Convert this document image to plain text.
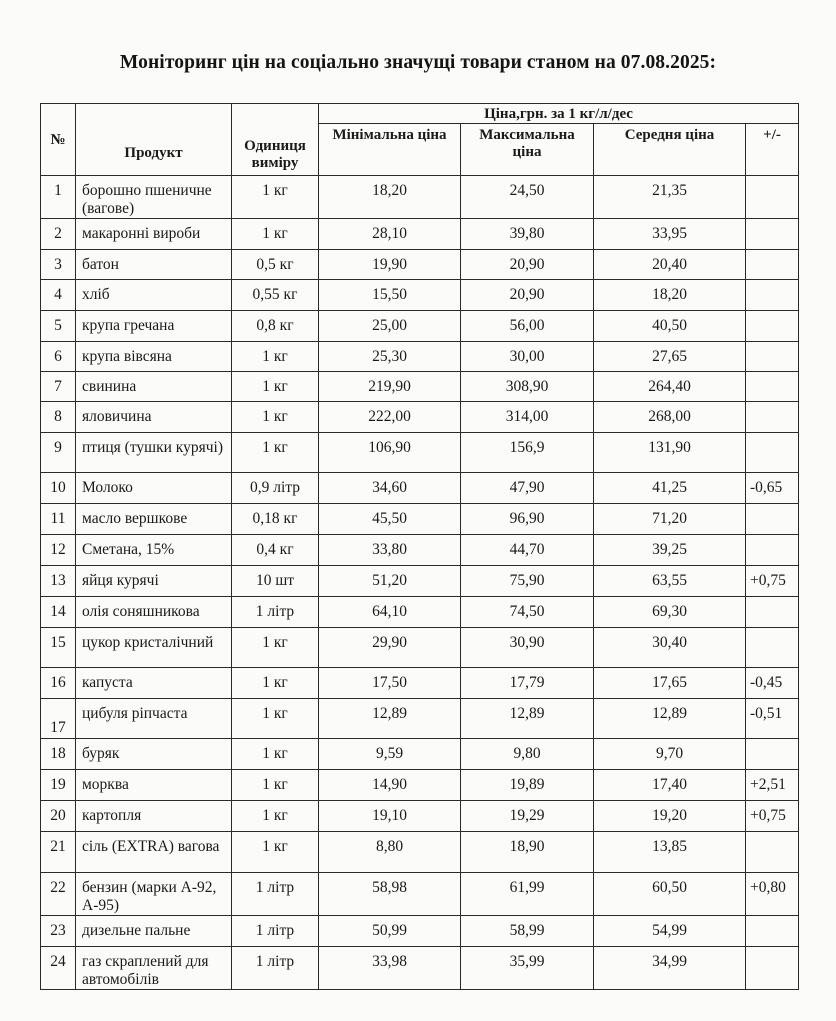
Моніторинг цін на соціально значущі товари станом на 07.08.2025:
№	Продукт	Одиниця виміру	Ціна,грн. за 1 кг/л/дес			
			Мінімальна ціна	Максимальна ціна	Середня ціна	+/-
1	борошно пшеничне (вагове)	1 кг	18,20	24,50	21,35	
2	макаронні вироби	1 кг	28,10	39,80	33,95	
3	батон	0,5 кг	19,90	20,90	20,40	
4	хліб	0,55 кг	15,50	20,90	18,20	
5	крупа гречана	0,8 кг	25,00	56,00	40,50	
6	крупа вівсяна	1 кг	25,30	30,00	27,65	
7	свинина	1 кг	219,90	308,90	264,40	
8	яловичина	1 кг	222,00	314,00	268,00	
9	птиця (тушки курячі)	1 кг	106,90	156,9	131,90	
10	Молоко	0,9 літр	34,60	47,90	41,25	-0,65
11	масло вершкове	0,18 кг	45,50	96,90	71,20	
12	Сметана, 15%	0,4 кг	33,80	44,70	39,25	
13	яйця курячі	10 шт	51,20	75,90	63,55	+0,75
14	олія соняшникова	1 літр	64,10	74,50	69,30	
15	цукор кристалічний	1 кг	29,90	30,90	30,40	
16	капуста	1 кг	17,50	17,79	17,65	-0,45
17	цибуля ріпчаста	1 кг	12,89	12,89	12,89	-0,51
18	буряк	1 кг	9,59	9,80	9,70	
19	морква	1 кг	14,90	19,89	17,40	+2,51
20	картопля	1 кг	19,10	19,29	19,20	+0,75
21	сіль (EXTRA) вагова	1 кг	8,80	18,90	13,85	
22	бензин (марки А-92, А-95)	1 літр	58,98	61,99	60,50	+0,80
23	дизельне пальне	1 літр	50,99	58,99	54,99	
24	газ скраплений для автомобілів	1 літр	33,98	35,99	34,99	
